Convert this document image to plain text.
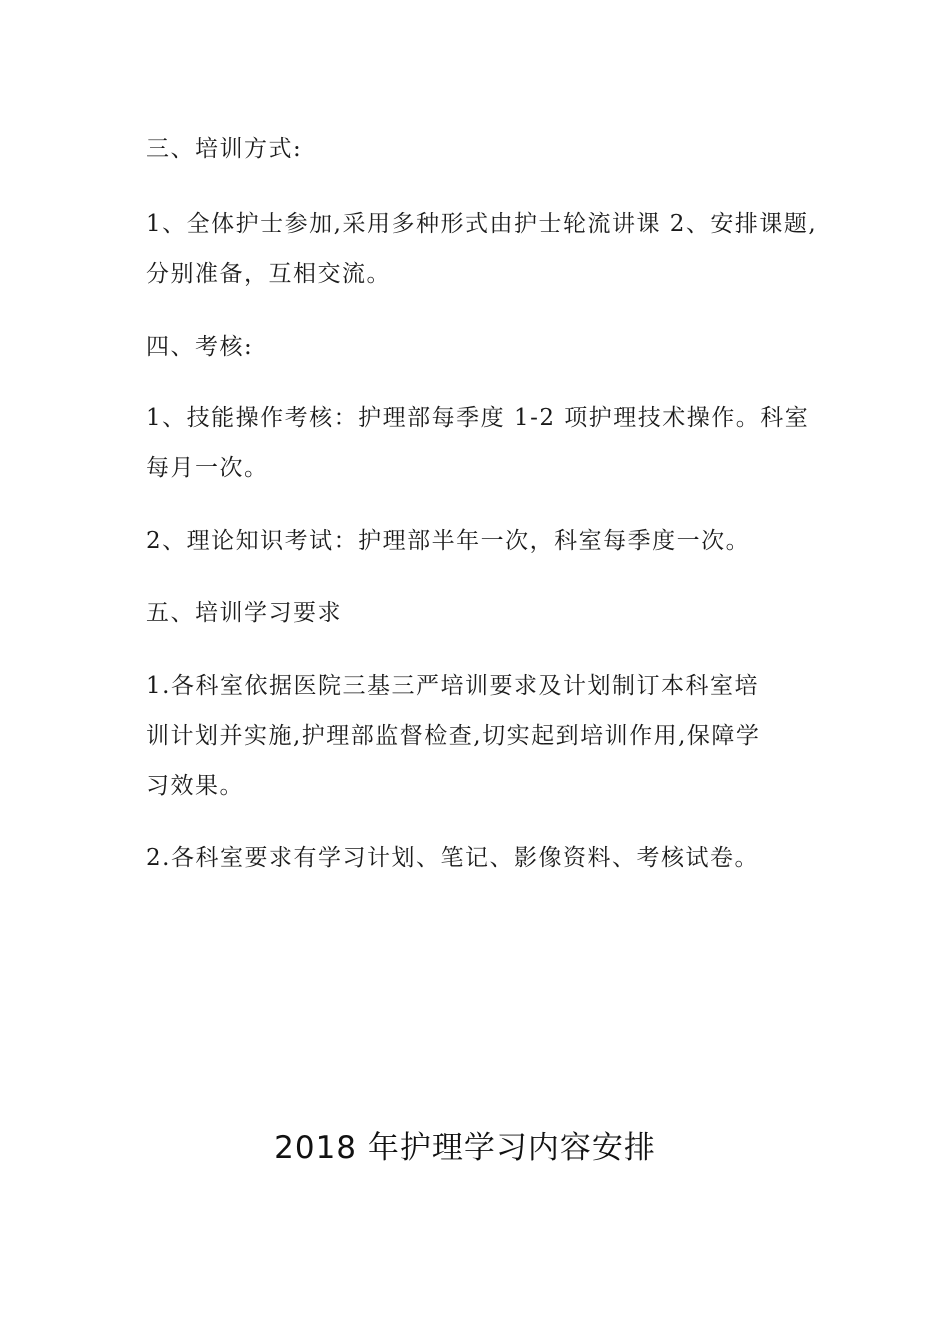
三、培训方式:
1、全体护士参加,采用多种形式由护士轮流讲课 2、安排课题,
分别准备，互相交流。
四、考核:
1、技能操作考核：护理部每季度 1-2 项护理技术操作。科室
每月一次。
2、理论知识考试：护理部半年一次，科室每季度一次。
五、培训学习要求
1.各科室依据医院三基三严培训要求及计划制订本科室培
训计划并实施,护理部监督检查,切实起到培训作用,保障学
习效果。
2.各科室要求有学习计划、笔记、影像资料、考核试卷。
2018 年护理学习内容安排
